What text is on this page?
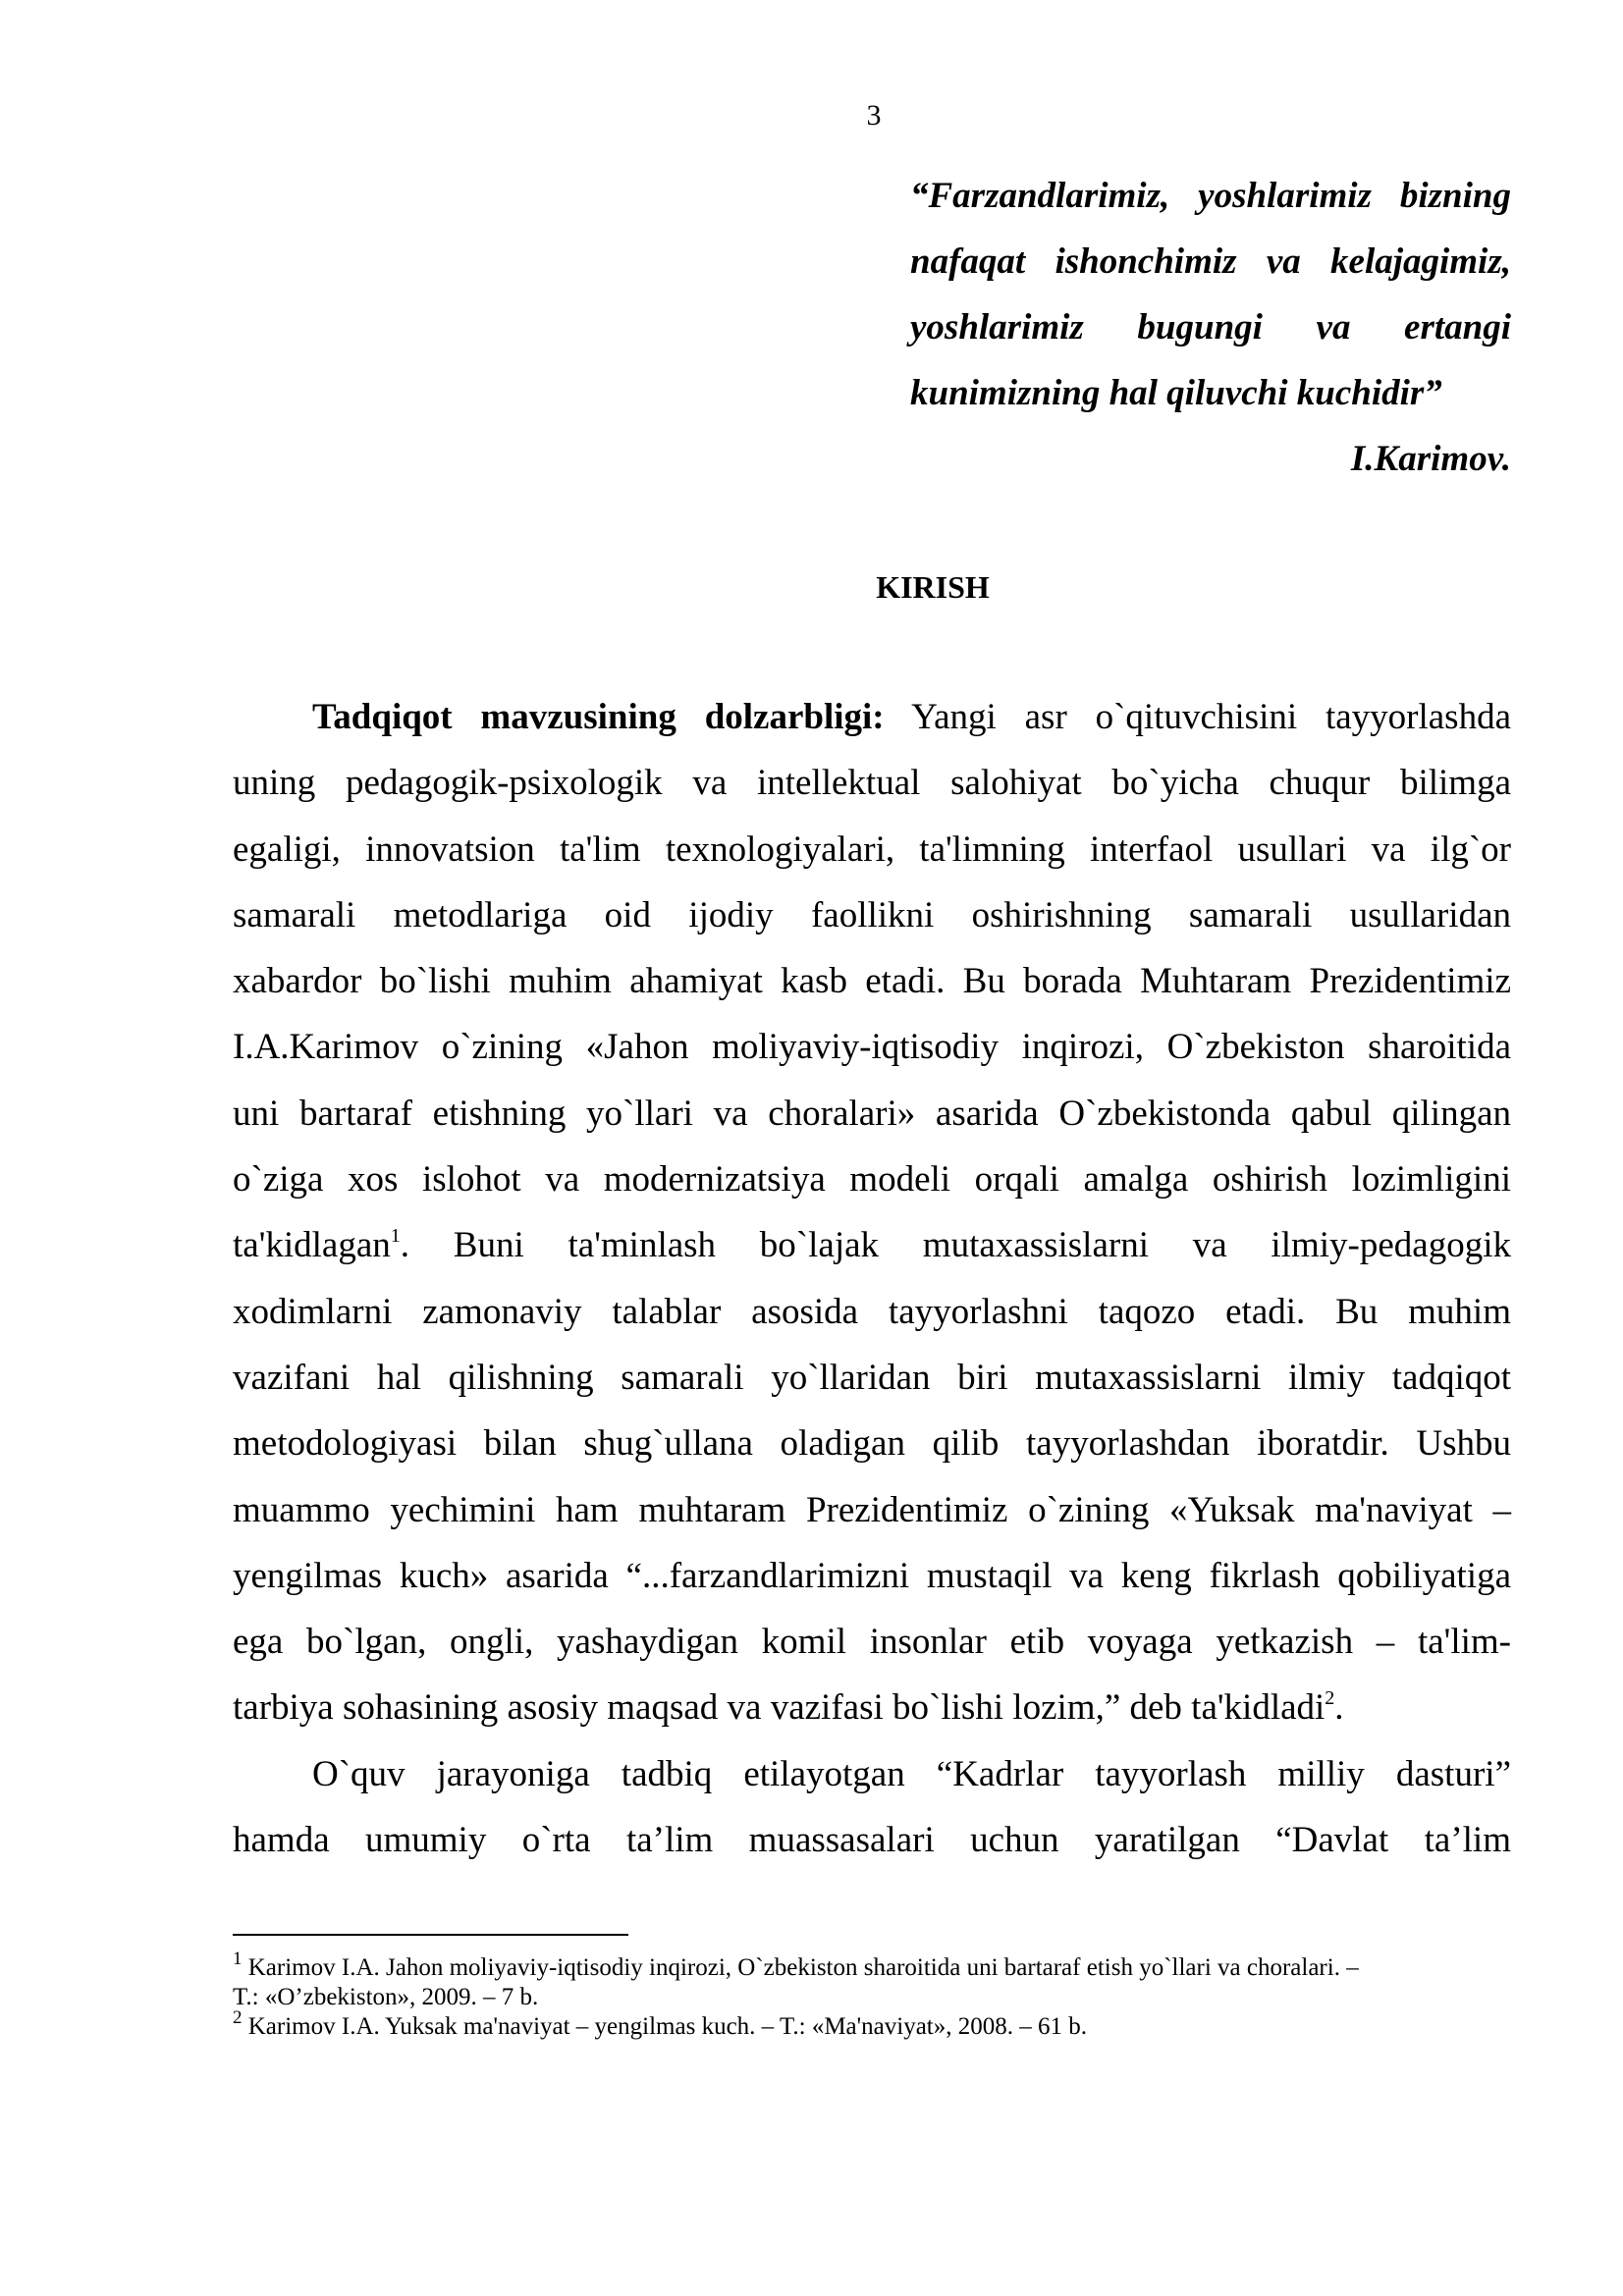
3
“Farzandlarimiz, yoshlarimiz bizning
nafaqat ishonchimiz va kelajagimiz,
yoshlarimiz bugungi va ertangi
kunimizning hal qiluvchi kuchidir”
I.Karimov.
KIRISH
Tadqiqot mavzusining dolzarbligi: Yangi asr o`qituvchisini tayyorlashda
uning pedagogik-psixologik va intellektual salohiyat bo`yicha chuqur bilimga
egaligi, innovatsion ta'lim texnologiyalari, ta'limning interfaol usullari va ilg`or
samarali metodlariga oid ijodiy faollikni oshirishning samarali usullaridan
xabardor bo`lishi muhim ahamiyat kasb etadi. Bu borada Muhtaram Prezidentimiz
I.A.Karimov o`zining «Jahon moliyaviy-iqtisodiy inqirozi, O`zbekiston sharoitida
uni bartaraf etishning yo`llari va choralari» asarida O`zbekistonda qabul qilingan
o`ziga xos islohot va modernizatsiya modeli orqali amalga oshirish lozimligini
ta'kidlagan$^1$. Buni ta'minlash bo`lajak mutaxassislarni va ilmiy-pedagogik
xodimlarni zamonaviy talablar asosida tayyorlashni taqozo etadi. Bu muhim
vazifani hal qilishning samarali yo`llaridan biri mutaxassislarni ilmiy tadqiqot
metodologiyasi bilan shug`ullana oladigan qilib tayyorlashdan iboratdir. Ushbu
muammo yechimini ham muhtaram Prezidentimiz o`zining «Yuksak ma'naviyat –
yengilmas kuch» asarida “...farzandlarimizni mustaqil va keng fikrlash qobiliyatiga
ega bo`lgan, ongli, yashaydigan komil insonlar etib voyaga yetkazish – ta'lim-
tarbiya sohasining asosiy maqsad va vazifasi bo`lishi lozim,” deb ta'kidladi$^2$.
O`quv jarayoniga tadbiq etilayotgan “Kadrlar tayyorlash milliy dasturi”
hamda umumiy o`rta ta’lim muassasalari uchun yaratilgan “Davlat ta’lim
$^1$ Karimov I.A. Jahon moliyaviy-iqtisodiy inqirozi, O`zbekiston sharoitida uni bartaraf etish yo`llari va choralari. –
T.: «O’zbekiston», 2009. – 7 b.
$^2$ Karimov I.A. Yuksak ma'naviyat – yengilmas kuch. – T.: «Ma'naviyat», 2008. – 61 b.
